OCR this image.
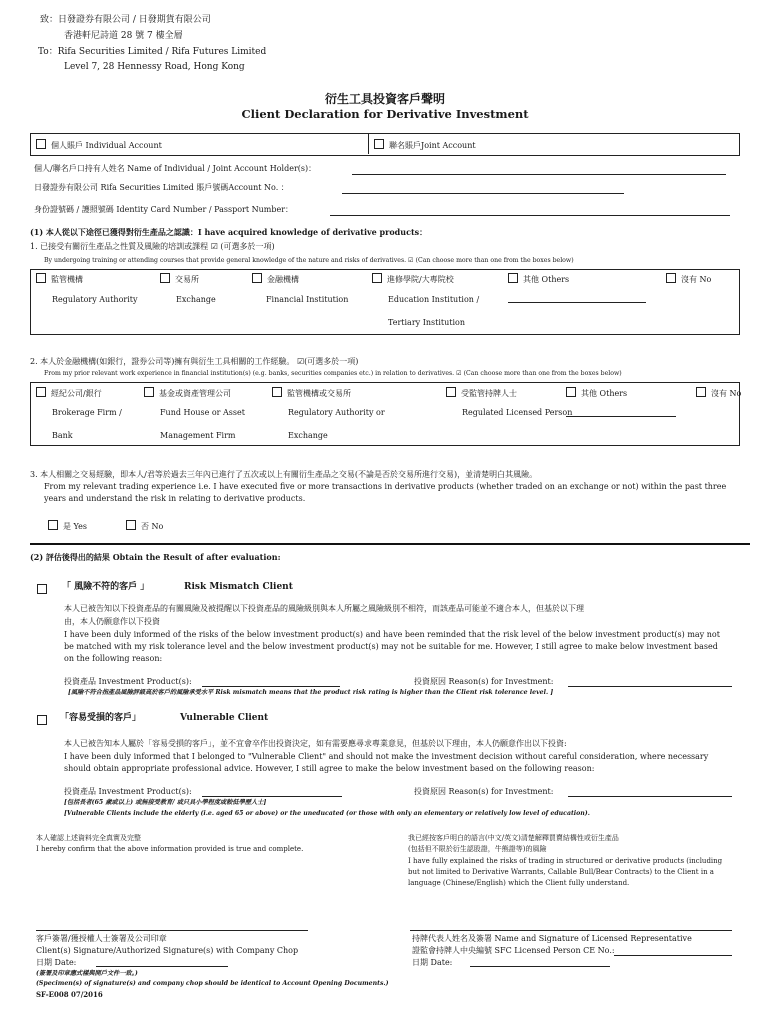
致：日發證券有限公司 / 日發期貨有限公司
香港軒尼詩道 28 號 7 樓全層
To：Rifa Securities Limited / Rifa Futures Limited
Level 7, 28 Hennessy Road, Hong Kong
衍生工具投資客戶聲明
Client Declaration for Derivative Investment
個人賬戶 Individual Account	聯名賬戶Joint Account
個人/聯名戶口持有人姓名 Name of Individual / Joint Account Holder(s)：
日發證券有限公司 Rifa Securities Limited 賬戶號碼Account No. ：
身份證號碼 / 護照號碼 Identity Card Number / Passport Number：
(1) 本人從以下途徑已獲得對衍生產品之認識：I have acquired knowledge of derivative products：
1. 已接受有關衍生產品之性質及風險的培訓或課程 ☑ (可選多於一項)
By undergoing training or attending courses that provide general knowledge of the nature and risks of derivatives. ☑ (Can choose more than one from the boxes below)
監管機構
Regulatory Authority
交易所
Exchange
金融機構
Financial Institution
進修學院/大專院校
Education Institution /
Tertiary Institution
其他 Others	沒有 No
2. 本人於金融機構(如銀行，證券公司等)擁有與衍生工具相關的工作經驗。 ☑(可選多於一項)
From my prior relevant work experience in financial institution(s) (e.g. banks, securities companies etc.) in relation to derivatives. ☑ (Can choose more than one from the boxes below)
經紀公司/銀行
Brokerage Firm /
Bank
基金或資產管理公司
Fund House or Asset
Management Firm
監管機構或交易所
Regulatory Authority or
Exchange
受監管持牌人士
Regulated Licensed Person
其他 Others	沒有 No
3. 本人相關之交易經驗，即本人/君等於過去三年內已進行了五次或以上有關衍生產品之交易(不論是否於交易所進行交易)，並清楚明白其風險。
From my relevant trading experience i.e. I have executed five or more transactions in derivative products (whether traded on an exchange or not) within the past three
years and understand the risk in relating to derivative products.
是 Yes	否 No
(2) 評估後得出的結果 Obtain the Result of after evaluation:
「 風險不符的客戶 」	Risk Mismatch Client
本人已被告知以下投資產品的有關風險及被提醒以下投資產品的風險級別與本人所屬之風險級別不相符，而該產品可能並不適合本人，但基於以下理
由，本人仍願意作以下投資
I have been duly informed of the risks of the below investment product(s) and have been reminded that the risk level of the below investment product(s) may not
be matched with my risk tolerance level and the below investment product(s) may not be suitable for me. However, I still agree to make below investment based
on the following reason:
投資產品 Investment Product(s):	投資原因 Reason(s) for Investment:
[風險不符合指產品風險評級高於客戶的風險承受水平 Risk mismatch means that the product risk rating is higher than the Client risk tolerance level. ]
「容易受損的客戶」	Vulnerable Client
本人已被告知本人屬於「容易受損的客戶」，並不宜會卒作出投資決定，如有需要應尋求專業意見，但基於以下理由，本人仍願意作出以下投資:
I have been duly informed that I belonged to "Vulnerable Client" and should not make the investment decision without careful consideration, where necessary
should obtain appropriate professional advice. However, I still agree to make the below investment based on the following reason:
投資產品 Investment Product(s):	投資原因 Reason(s) for Investment:
[包括長者(65 歲或以上) 或無接受教育/ 或只具小學程度或較低學歷人士]
[Vulnerable Clients include the elderly (i.e. aged 65 or above) or the uneducated (or those with only an elementary or relatively low level of education).
本人確認上述資料完全真實及完整
I hereby confirm that the above information provided is true and complete.
我已經按客戶明白的語言(中文/英文)清楚解釋買賣結構性或衍生產品
(包括但不限於衍生認股證，牛熊證等)的風險
I have fully explained the risks of trading in structured or derivative products (including
but not limited to Derivative Warrants, Callable Bull/Bear Contracts) to the Client in a
language (Chinese/English) which the Client fully understand.
客戶簽署/獲授權人士簽署及公司印章
Client(s) Signature/Authorized Signature(s) with Company Chop
日期 Date:
持牌代表人姓名及簽署 Name and Signature of Licensed Representative
證監會持牌人中央編號 SFC Licensed Person CE No.:
日期 Date:
(簽署及印章應式樣與開戶文件一致。)
(Specimen(s) of signature(s) and company chop should be identical to Account Opening Documents.)
SF-E008 07/2016
